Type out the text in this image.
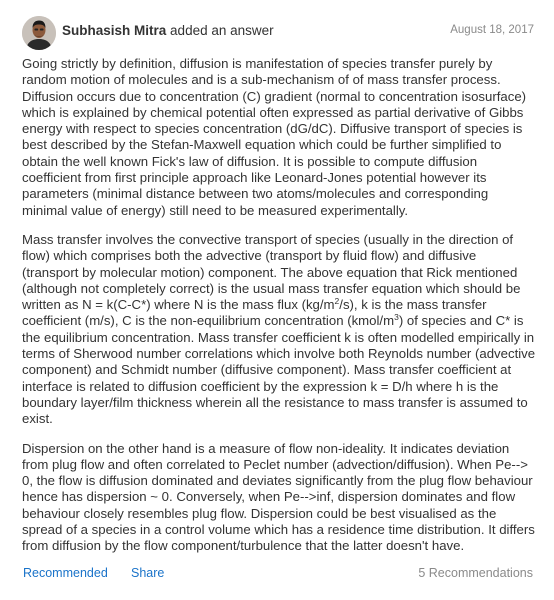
Subhasish Mitra added an answer	August 18, 2017

Going strictly by definition, diffusion is manifestation of species transfer purely by random motion of molecules and is a sub-mechanism of of mass transfer process. Diffusion occurs due to concentration (C) gradient (normal to concentration isosurface) which is explained by chemical potential often expressed as partial derivative of Gibbs energy with respect to species concentration (dG/dC). Diffusive transport of species is best described by the Stefan-Maxwell equation which could be further simplified to obtain the well known Fick's law of diffusion. It is possible to compute diffusion coefficient from first principle approach like Leonard-Jones potential however its parameters (minimal distance between two atoms/molecules and corresponding minimal value of energy) still need to be measured experimentally.

Mass transfer involves the convective transport of species (usually in the direction of flow) which comprises both the advective (transport by fluid flow) and diffusive (transport by molecular motion) component. The above equation that Rick mentioned (although not completely correct) is the usual mass transfer equation which should be written as N = k(C-C*) where N is the mass flux $(kg/m^2/s)$, k is the mass transfer coefficient (m/s), C is the non-equilibrium concentration $(kmol/m^3)$ of species and C* is the equilibrium concentration. Mass transfer coefficient k is often modelled empirically in terms of Sherwood number correlations which involve both Reynolds number (advective component) and Schmidt number (diffusive component). Mass transfer coefficient at interface is related to diffusion coefficient by the expression k = D/h where h is the boundary layer/film thickness wherein all the resistance to mass transfer is assumed to exist.

Dispersion on the other hand is a measure of flow non-ideality. It indicates deviation from plug flow and often correlated to Peclet number (advection/diffusion). When Pe--> 0, the flow is diffusion dominated and deviates significantly from the plug flow behaviour hence has dispersion ~ 0. Conversely, when Pe-->inf, dispersion dominates and flow behaviour closely resembles plug flow. Dispersion could be best visualised as the spread of a species in a control volume which has a residence time distribution. It differs from diffusion by the flow component/turbulence that the latter doesn't have.

Recommended Share	5 Recommendations
